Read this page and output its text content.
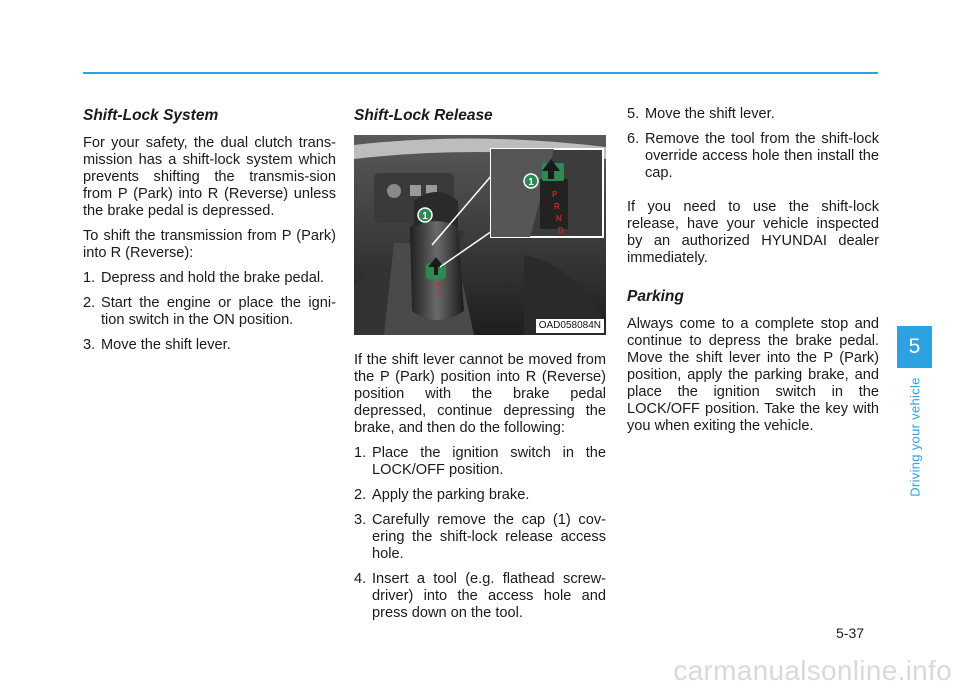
Shift-Lock System

For your safety, the dual clutch trans-mission has a shift-lock system which prevents shifting the transmis-sion from P (Park) into R (Reverse) unless the brake pedal is depressed.

To shift the transmission from P (Park) into R (Reverse):

1. Depress and hold the brake pedal.
2. Start the engine or place the igni-tion switch in the ON position.
3. Move the shift lever.
Shift-Lock Release
N
D
1
P
R
N
D
1
OAD058084N

If the shift lever cannot be moved from the P (Park) position into R (Reverse) position with the brake pedal depressed, continue depressing the brake, and then do the following:

1. Place the ignition switch in the LOCK/OFF position.
2. Apply the parking brake.
3. Carefully remove the cap (1) cov-ering the shift-lock release access hole.
4. Insert a tool (e.g. flathead screw-driver) into the access hole and press down on the tool.
5. Move the shift lever.
6. Remove the tool from the shift-lock override access hole then install the cap.

If you need to use the shift-lock release, have your vehicle inspected by an authorized HYUNDAI dealer immediately.

Parking

Always come to a complete stop and continue to depress the brake pedal. Move the shift lever into the P (Park) position, apply the parking brake, and place the ignition switch in the LOCK/OFF position. Take the key with you when exiting the vehicle.

5
Driving your vehicle
5-37
carmanualsonline.info
